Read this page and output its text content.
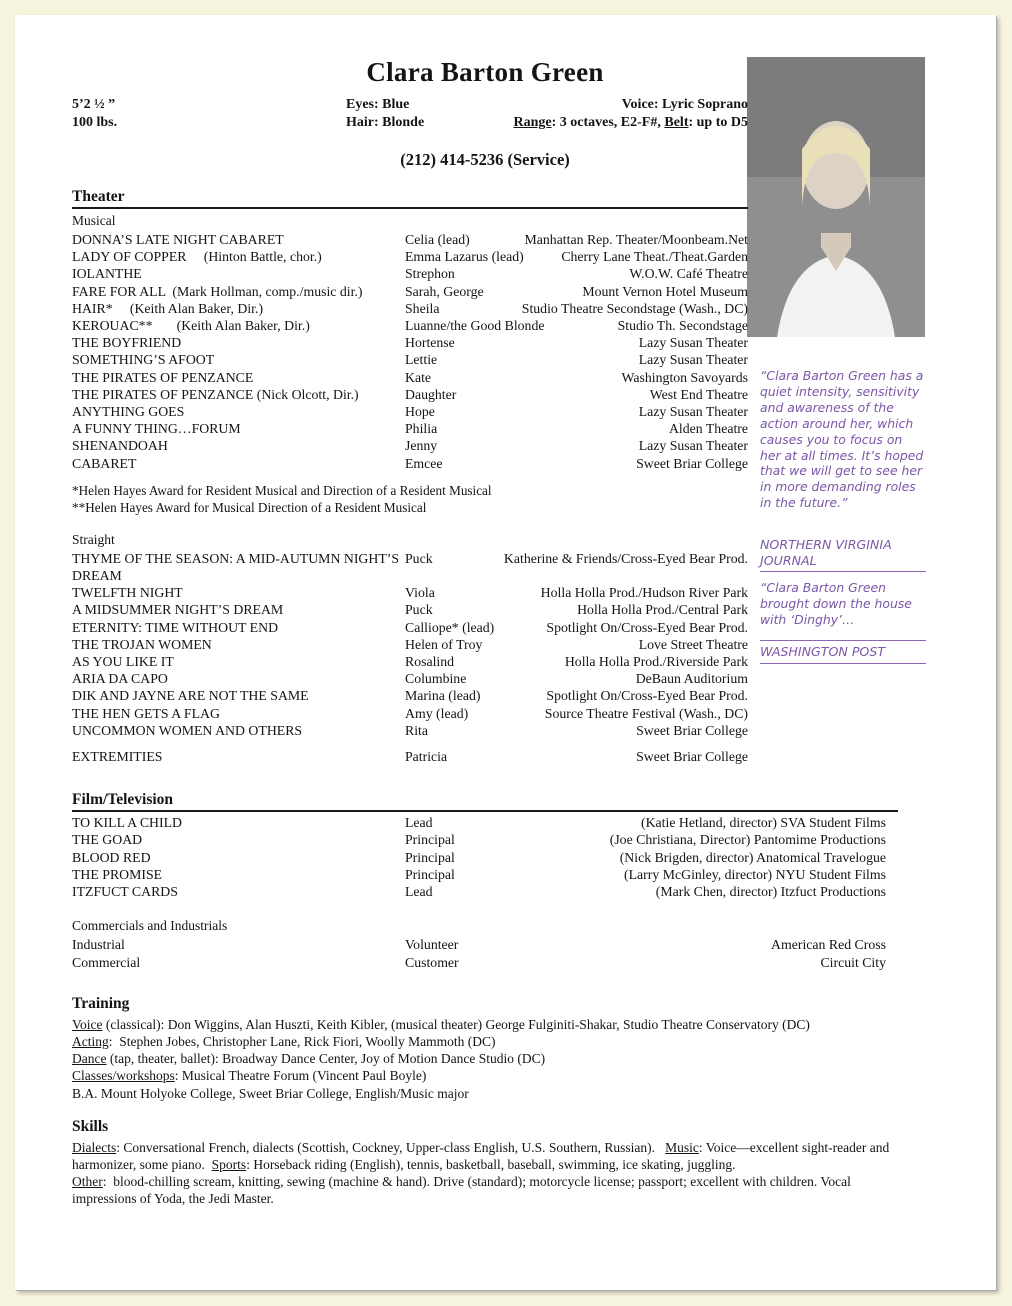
“Clara Barton Green has a quiet intensity, sensitivity and awareness of the action around her, which causes you to focus on her at all times. It’s hoped that we will get to see her in more demanding roles in the future.”
NORTHERN VIRGINIA JOURNAL
“Clara Barton Green brought down the house with ‘Dinghy’…
WASHINGTON POST
Clara Barton Green
5’2 ½ ”
100 lbs.
Eyes: Blue
Hair: Blonde
Voice: Lyric Soprano
Range: 3 octaves, E2-F#, Belt: up to D5
(212) 414-5236 (Service)
Theater
Musical
DONNA’S LATE NIGHT CABARET	Celia (lead)	Manhattan Rep. Theater/Moonbeam.Net
LADY OF COPPER     (Hinton Battle, chor.)	Emma Lazarus (lead)	Cherry Lane Theat./Theat.Garden
IOLANTHE	Strephon	W.O.W. Café Theatre
FARE FOR ALL  (Mark Hollman, comp./music dir.)	Sarah, George	Mount Vernon Hotel Museum
HAIR*     (Keith Alan Baker, Dir.)	Sheila	Studio Theatre Secondstage (Wash., DC)
KEROUAC**       (Keith Alan Baker, Dir.)	Luanne/the Good Blonde	Studio Th. Secondstage
THE BOYFRIEND	Hortense	Lazy Susan Theater
SOMETHING’S AFOOT	Lettie	Lazy Susan Theater
THE PIRATES OF PENZANCE	Kate	Washington Savoyards
THE PIRATES OF PENZANCE (Nick Olcott, Dir.)	Daughter	West End Theatre
ANYTHING GOES	Hope	Lazy Susan Theater
A FUNNY THING…FORUM	Philia	Alden Theatre
SHENANDOAH	Jenny	Lazy Susan Theater
CABARET	Emcee	Sweet Briar College
*Helen Hayes Award for Resident Musical and Direction of a Resident Musical
**Helen Hayes Award for Musical Direction of a Resident Musical
Straight
THYME OF THE SEASON: A MID-AUTUMN NIGHT’S DREAM
Puck	Katherine & Friends/Cross-Eyed Bear Prod.
TWELFTH NIGHT	Viola	Holla Holla Prod./Hudson River Park
A MIDSUMMER NIGHT’S DREAM	Puck	Holla Holla Prod./Central Park
ETERNITY: TIME WITHOUT END	Calliope* (lead)	Spotlight On/Cross-Eyed Bear Prod.
THE TROJAN WOMEN	Helen of Troy	Love Street Theatre
AS YOU LIKE IT	Rosalind	Holla Holla Prod./Riverside Park
ARIA DA CAPO	Columbine	DeBaun Auditorium
DIK AND JAYNE ARE NOT THE SAME	Marina (lead)	Spotlight On/Cross-Eyed Bear Prod.
THE HEN GETS A FLAG	Amy (lead)	Source Theatre Festival (Wash., DC)
UNCOMMON WOMEN AND OTHERS	Rita	Sweet Briar College
EXTREMITIES	Patricia	Sweet Briar College
Film/Television
TO KILL A CHILD	Lead	(Katie Hetland, director) SVA Student Films
THE GOAD	Principal	(Joe Christiana, Director) Pantomime Productions
BLOOD RED	Principal	(Nick Brigden, director) Anatomical Travelogue
THE PROMISE	Principal	(Larry McGinley, director) NYU Student Films
ITZFUCT CARDS	Lead	(Mark Chen, director) Itzfuct Productions
Commercials and Industrials
Industrial	Volunteer	American Red Cross
Commercial	Customer	Circuit City
Training
Voice (classical): Don Wiggins, Alan Huszti, Keith Kibler, (musical theater) George Fulginiti-Shakar, Studio Theatre Conservatory (DC)
Acting:  Stephen Jobes, Christopher Lane, Rick Fiori, Woolly Mammoth (DC)
Dance (tap, theater, ballet): Broadway Dance Center, Joy of Motion Dance Studio (DC)
Classes/workshops: Musical Theatre Forum (Vincent Paul Boyle)
B.A. Mount Holyoke College, Sweet Briar College, English/Music major
Skills
Dialects: Conversational French, dialects (Scottish, Cockney, Upper-class English, U.S. Southern, Russian).   Music: Voice—excellent sight-reader and harmonizer, some piano.  Sports: Horseback riding (English), tennis, basketball, baseball, swimming, ice skating, juggling.
Other:  blood-chilling scream, knitting, sewing (machine & hand). Drive (standard); motorcycle license; passport; excellent with children. Vocal impressions of Yoda, the Jedi Master.
